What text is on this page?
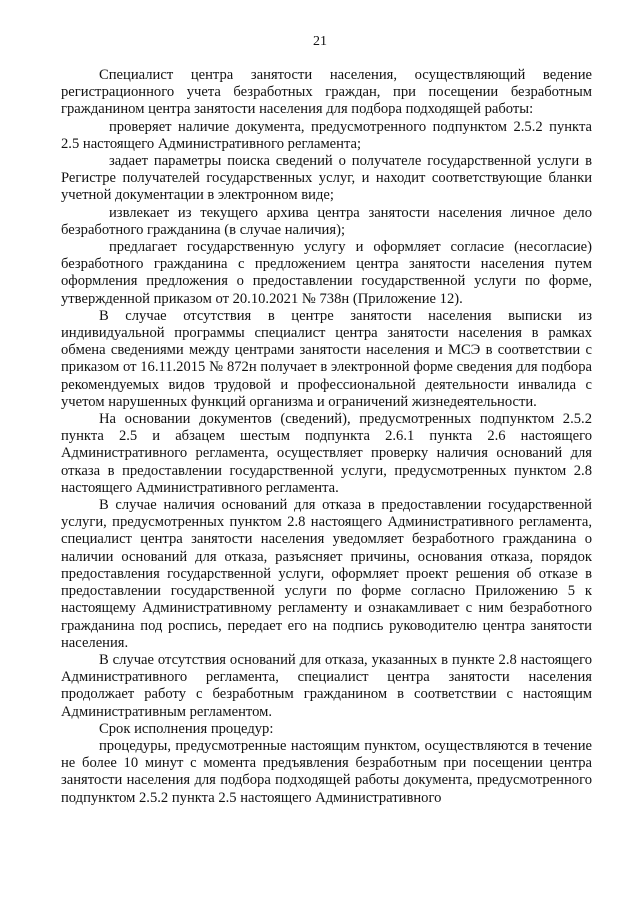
21

Специалист центра занятости населения, осуществляющий ведение регистрационного учета безработных граждан, при посещении безработным гражданином центра занятости населения для подбора подходящей работы:

проверяет наличие документа, предусмотренного подпунктом 2.5.2 пункта 2.5 настоящего Административного регламента;

задает параметры поиска сведений о получателе государственной услуги в Регистре получателей государственных услуг, и находит соответствующие бланки учетной документации в электронном виде;

извлекает из текущего архива центра занятости населения личное дело безработного гражданина (в случае наличия);

предлагает государственную услугу и оформляет согласие (несогласие) безработного гражданина с предложением центра занятости населения путем оформления предложения о предоставлении государственной услуги по форме, утвержденной приказом от 20.10.2021 № 738н (Приложение 12).

В случае отсутствия в центре занятости населения выписки из индивидуальной программы специалист центра занятости населения в рамках обмена сведениями между центрами занятости населения и МСЭ в соответствии с приказом от 16.11.2015 № 872н получает в электронной форме сведения для подбора рекомендуемых видов трудовой и профессиональной деятельности инвалида с учетом нарушенных функций организма и ограничений жизнедеятельности.

На основании документов (сведений), предусмотренных подпунктом 2.5.2 пункта 2.5 и абзацем шестым подпункта 2.6.1 пункта 2.6 настоящего Административного регламента, осуществляет проверку наличия оснований для отказа в предоставлении государственной услуги, предусмотренных пунктом 2.8 настоящего Административного регламента.

В случае наличия оснований для отказа в предоставлении государственной услуги, предусмотренных пунктом 2.8 настоящего Административного регламента, специалист центра занятости населения уведомляет безработного гражданина о наличии оснований для отказа, разъясняет причины, основания отказа, порядок предоставления государственной услуги, оформляет проект решения об отказе в предоставлении государственной услуги по форме согласно Приложению 5 к настоящему Административному регламенту и ознакамливает с ним безработного гражданина под роспись, передает его на подпись руководителю центра занятости населения.

В случае отсутствия оснований для отказа, указанных в пункте 2.8 настоящего Административного регламента, специалист центра занятости населения продолжает работу с безработным гражданином в соответствии с настоящим Административным регламентом.

Срок исполнения процедур:

процедуры, предусмотренные настоящим пунктом, осуществляются в течение не более 10 минут с момента предъявления безработным при посещении центра занятости населения для подбора подходящей работы документа, предусмотренного подпунктом 2.5.2 пункта 2.5 настоящего Административного
